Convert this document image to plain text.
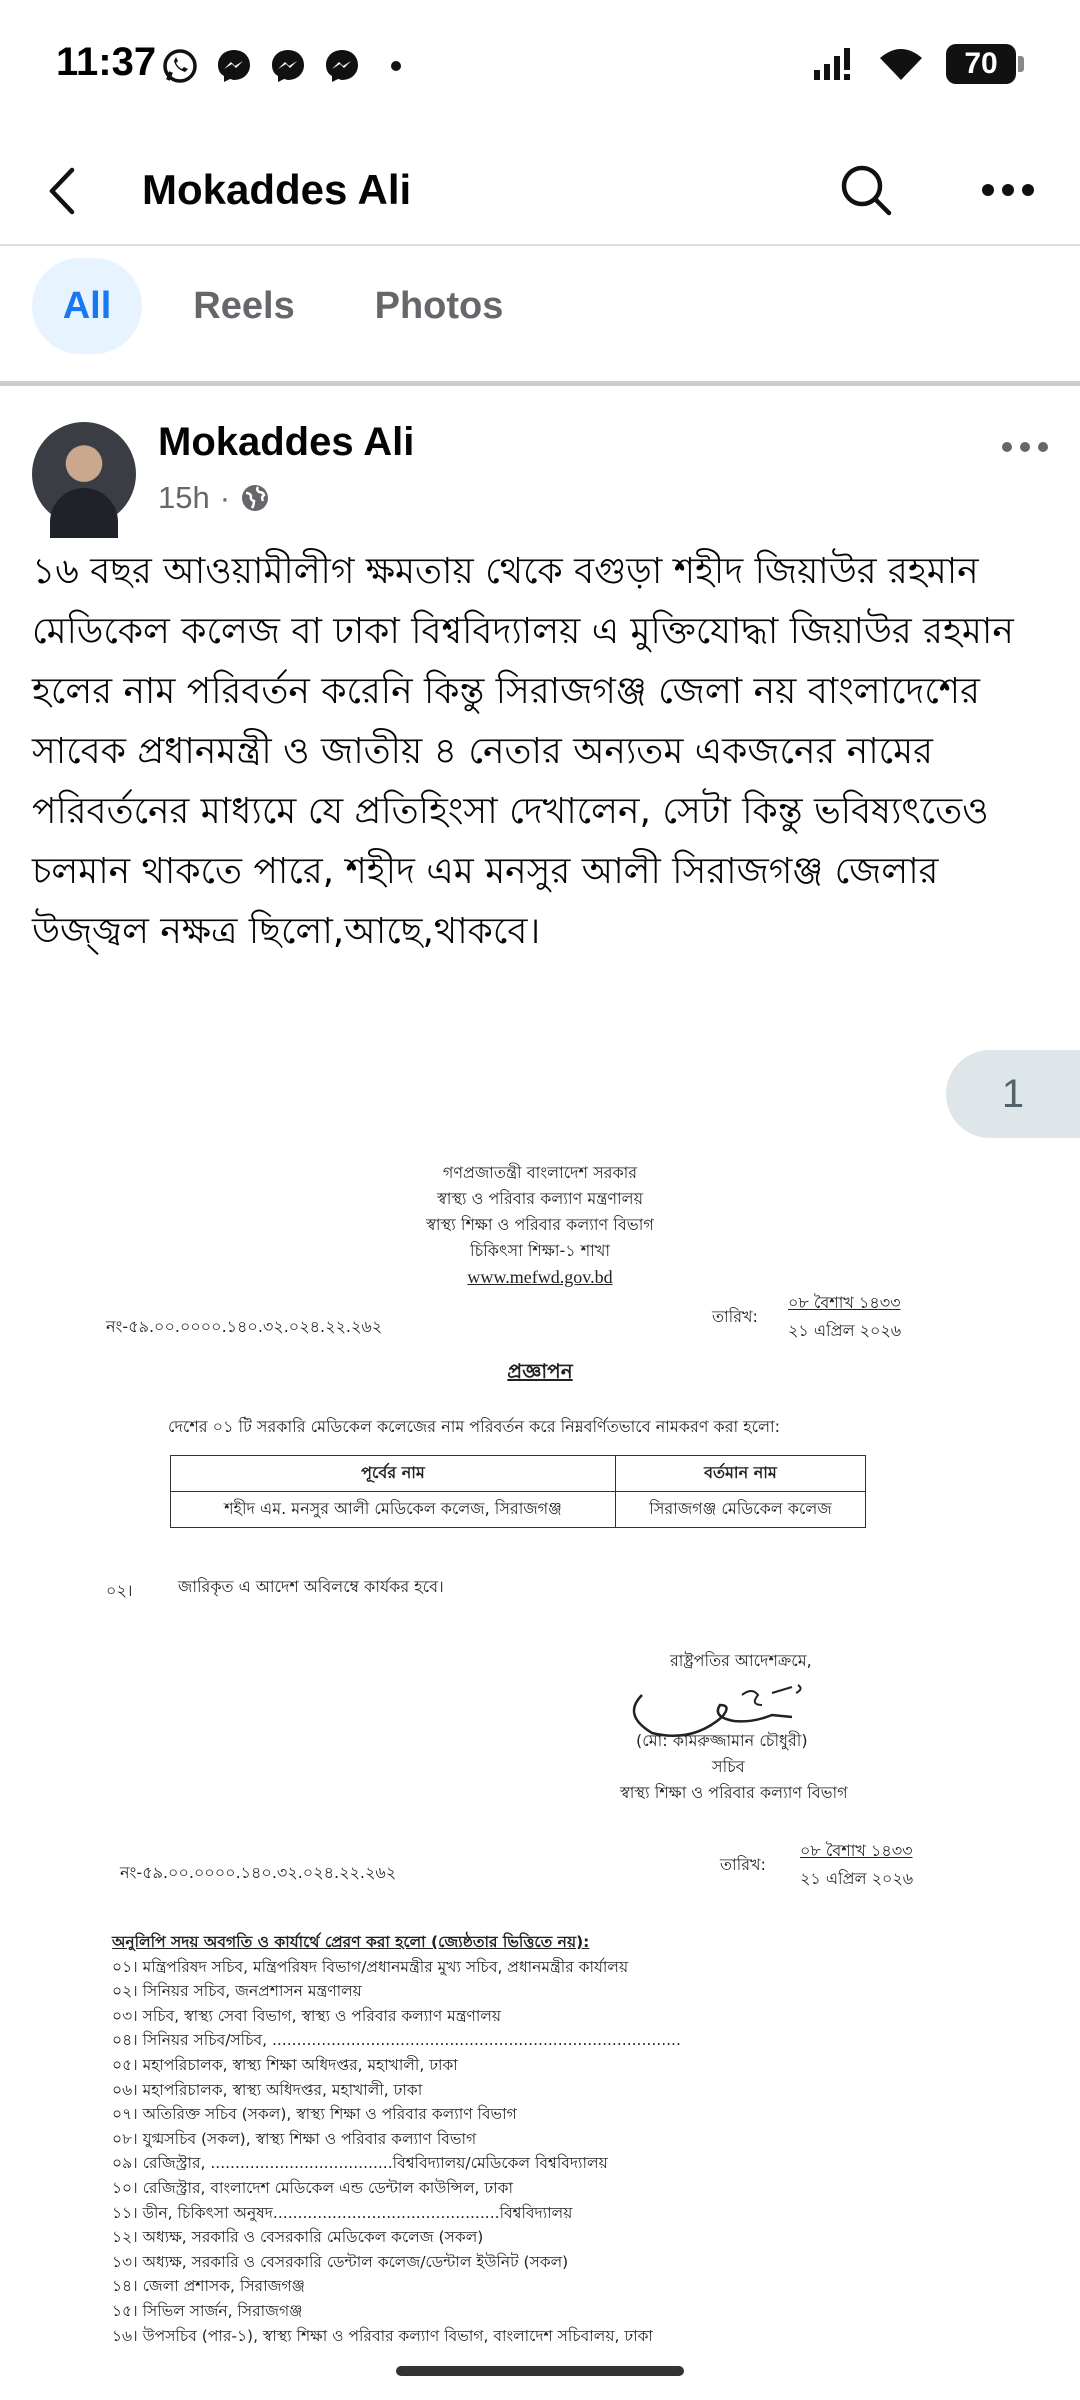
11:37	70
Mokaddes Ali
All	Reels	Photos
Mokaddes Ali
15h ·
১৬ বছর আওয়ামীলীগ ক্ষমতায় থেকে বগুড়া শহীদ জিয়াউর রহমান মেডিকেল কলেজ বা ঢাকা বিশ্ববিদ্যালয় এ মুক্তিযোদ্ধা জিয়াউর রহমান হলের নাম পরিবর্তন করেনি কিন্তু সিরাজগঞ্জ জেলা নয় বাংলাদেশের সাবেক প্রধানমন্ত্রী ও জাতীয় ৪ নেতার অন্যতম একজনের নামের পরিবর্তনের মাধ্যমে যে প্রতিহিংসা দেখালেন, সেটা কিন্তু ভবিষ্যৎতেও চলমান থাকতে পারে, শহীদ এম মনসুর আলী সিরাজগঞ্জ জেলার উজ্জ্বল নক্ষত্র ছিলো,আছে,থাকবে।
1
গণপ্রজাতন্ত্রী বাংলাদেশ সরকার
স্বাস্থ্য ও পরিবার কল্যাণ মন্ত্রণালয়
স্বাস্থ্য শিক্ষা ও পরিবার কল্যাণ বিভাগ
চিকিৎসা শিক্ষা-১ শাখা
www.mefwd.gov.bd
নং-৫৯.০০.০০০০.১৪০.৩২.০২৪.২২.২৬২
তারিখ:
০৮ বৈশাখ ১৪৩৩
২১ এপ্রিল ২০২৬
প্রজ্ঞাপন
দেশের ০১ টি সরকারি মেডিকেল কলেজের নাম পরিবর্তন করে নিম্নবর্ণিতভাবে নামকরণ করা হলো:
পূর্বের নাম	বর্তমান নাম
শহীদ এম. মনসুর আলী মেডিকেল কলেজ, সিরাজগঞ্জ	সিরাজগঞ্জ মেডিকেল কলেজ
০২।	জারিকৃত এ আদেশ অবিলম্বে কার্যকর হবে।
রাষ্ট্রপতির আদেশক্রমে,
(মো: কামরুজ্জামান চৌধুরী)
সচিব
স্বাস্থ্য শিক্ষা ও পরিবার কল্যাণ বিভাগ
নং-৫৯.০০.০০০০.১৪০.৩২.০২৪.২২.২৬২	তারিখ:
০৮ বৈশাখ ১৪৩৩
২১ এপ্রিল ২০২৬
অনুলিপি সদয় অবগতি ও কার্যার্থে প্রেরণ করা হলো (জ্যেষ্ঠতার ভিত্তিতে নয়):
০১। মন্ত্রিপরিষদ সচিব, মন্ত্রিপরিষদ বিভাগ/প্রধানমন্ত্রীর মুখ্য সচিব, প্রধানমন্ত্রীর কার্যালয়
০২। সিনিয়র সচিব, জনপ্রশাসন মন্ত্রণালয়
০৩। সচিব, স্বাস্থ্য সেবা বিভাগ, স্বাস্থ্য ও পরিবার কল্যাণ মন্ত্রণালয়
০৪। সিনিয়র সচিব/সচিব, ...................................................................................
০৫। মহাপরিচালক, স্বাস্থ্য শিক্ষা অধিদপ্তর, মহাখালী, ঢাকা
০৬। মহাপরিচালক, স্বাস্থ্য অধিদপ্তর, মহাখালী, ঢাকা
০৭। অতিরিক্ত সচিব (সকল), স্বাস্থ্য শিক্ষা ও পরিবার কল্যাণ বিভাগ
০৮। যুগ্মসচিব (সকল), স্বাস্থ্য শিক্ষা ও পরিবার কল্যাণ বিভাগ
০৯। রেজিস্ট্রার, .....................................বিশ্ববিদ্যালয়/মেডিকেল বিশ্ববিদ্যালয়
১০। রেজিস্ট্রার, বাংলাদেশ মেডিকেল এন্ড ডেন্টাল কাউন্সিল, ঢাকা
১১। ডীন, চিকিৎসা অনুষদ..............................................বিশ্ববিদ্যালয়
১২। অধ্যক্ষ, সরকারি ও বেসরকারি মেডিকেল কলেজ (সকল)
১৩। অধ্যক্ষ, সরকারি ও বেসরকারি ডেন্টাল কলেজ/ডেন্টাল ইউনিট (সকল)
১৪। জেলা প্রশাসক, সিরাজগঞ্জ
১৫। সিভিল সার্জন, সিরাজগঞ্জ
১৬। উপসচিব (পার-১), স্বাস্থ্য শিক্ষা ও পরিবার কল্যাণ বিভাগ, বাংলাদেশ সচিবালয়, ঢাকা
